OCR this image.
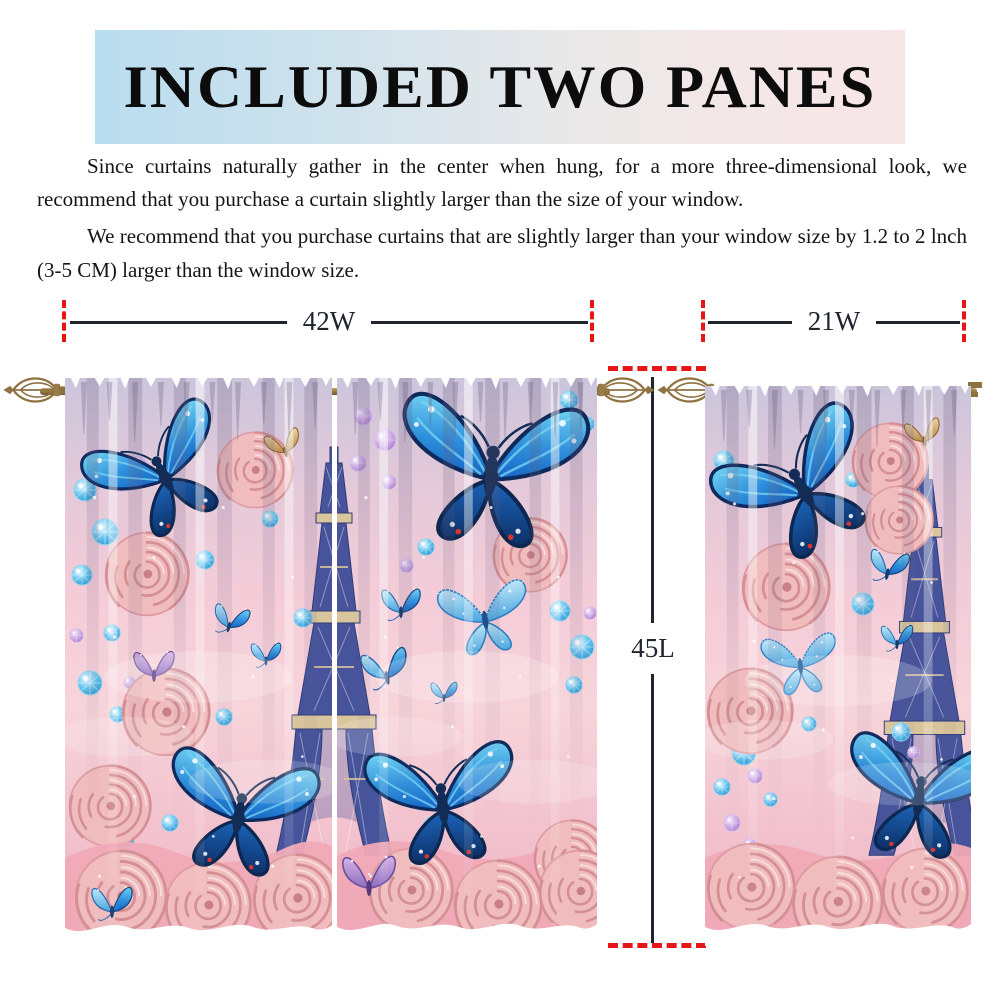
INCLUDED TWO PANES

Since curtains naturally gather in the center when hung, for a more three-dimensional look, we recommend that you purchase a curtain slightly larger than the size of your window.

We recommend that you purchase curtains that are slightly larger than your window size by 1.2 to 2 lnch (3-5 CM) larger than the window size.

42W	21W
45L
